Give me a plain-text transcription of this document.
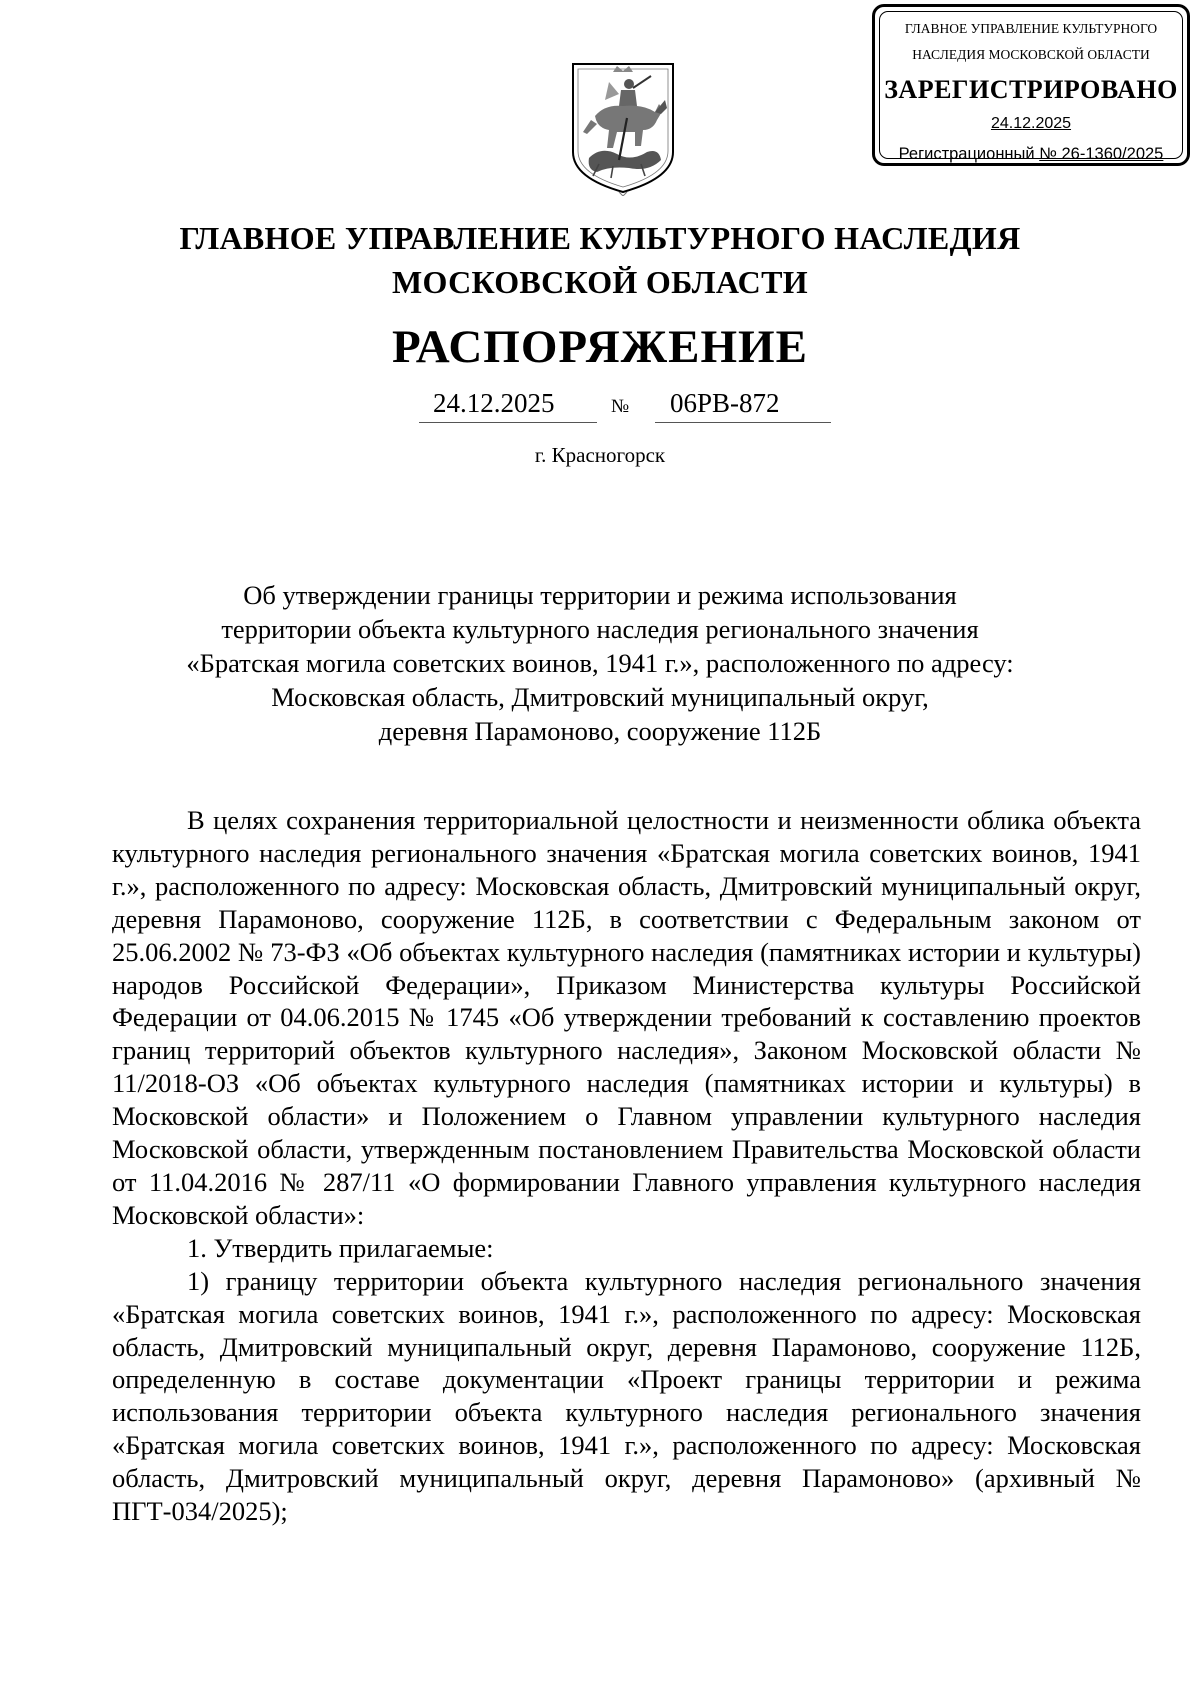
ГЛАВНОЕ УПРАВЛЕНИЕ КУЛЬТУРНОГО
НАСЛЕДИЯ МОСКОВСКОЙ ОБЛАСТИ
ЗАРЕГИСТРИРОВАНО
24.12.2025
Регистрационный № 26-1360/2025
ГЛАВНОЕ УПРАВЛЕНИЕ КУЛЬТУРНОГО НАСЛЕДИЯ
МОСКОВСКОЙ ОБЛАСТИ
РАСПОРЯЖЕНИЕ
24.12.2025	№ 06РВ-872
г. Красногорск
Об утверждении границы территории и режима использования
территории объекта культурного наследия регионального значения
«Братская могила советских воинов, 1941 г.», расположенного по адресу:
Московская область, Дмитровский муниципальный округ,
деревня Парамоново, сооружение 112Б

В целях сохранения территориальной целостности и неизменности облика объекта культурного наследия регионального значения «Братская могила советских воинов, 1941 г.», расположенного по адресу: Московская область, Дмитровский муниципальный округ, деревня Парамоново, сооружение 112Б, в соответствии с Федеральным законом от 25.06.2002 № 73-ФЗ «Об объектах культурного наследия (памятниках истории и культуры) народов Российской Федерации», Приказом Министерства культуры Российской Федерации от 04.06.2015 № 1745 «Об утверждении требований к составлению проектов границ территорий объектов культурного наследия», Законом Московской области № 11/2018-ОЗ «Об объектах культурного наследия (памятниках истории и культуры) в Московской области» и Положением о Главном управлении культурного наследия Московской области, утвержденным постановлением Правительства Московской области от 11.04.2016 № 287/11 «О формировании Главного управления культурного наследия Московской области»:

1. Утвердить прилагаемые:

1) границу территории объекта культурного наследия регионального значения «Братская могила советских воинов, 1941 г.», расположенного по адресу: Московская область, Дмитровский муниципальный округ, деревня Парамоново, сооружение 112Б, определенную в составе документации «Проект границы территории и режима использования территории объекта культурного наследия регионального значения «Братская могила советских воинов, 1941 г.», расположенного по адресу: Московская область, Дмитровский муниципальный округ, деревня Парамоново» (архивный № ПГТ-034/2025);
